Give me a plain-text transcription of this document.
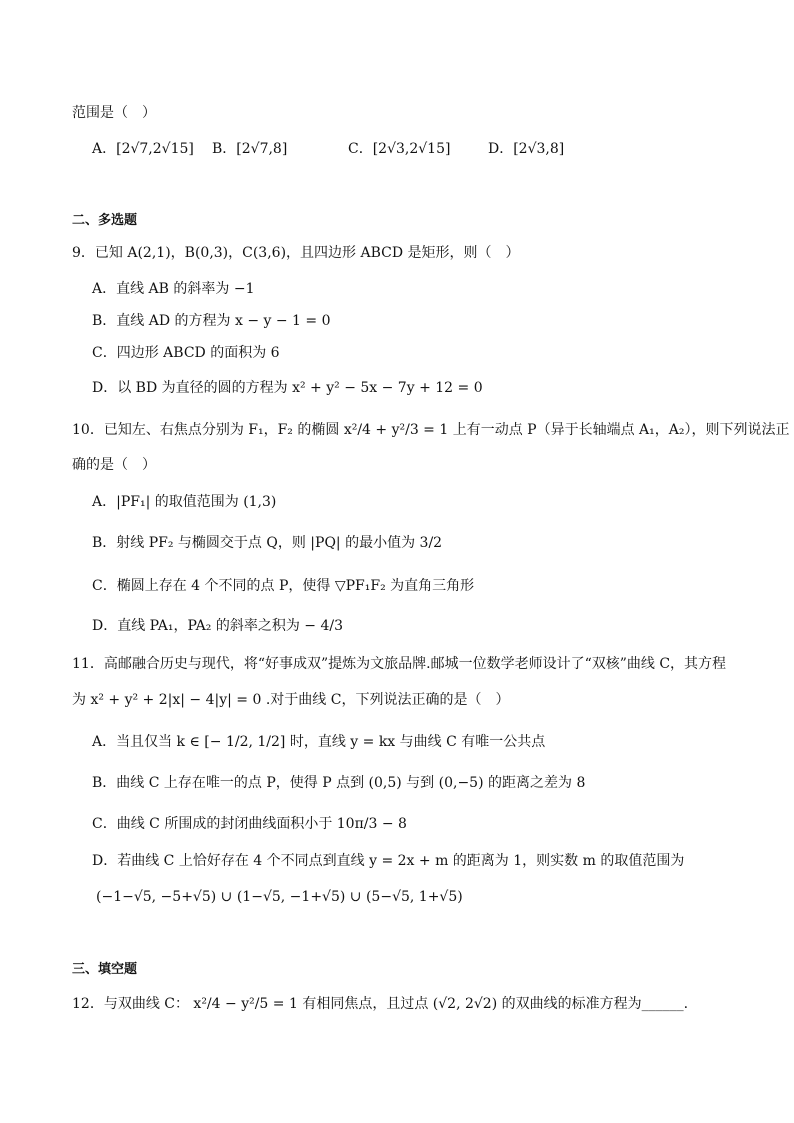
范围是（　）
A．[2√7,2√15] B．[2√7,8]	C．[2√3,2√15]	D．[2√3,8]
二、多选题
9．已知 A(2,1)，B(0,3)，C(3,6)，且四边形 ABCD 是矩形，则（　）
A．直线 AB 的斜率为 −1
B．直线 AD 的方程为 x − y − 1 = 0
C．四边形 ABCD 的面积为 6
D．以 BD 为直径的圆的方程为 x² + y² − 5x − 7y + 12 = 0
10．已知左、右焦点分别为 F₁，F₂ 的椭圆 x²/4 + y²/3 = 1 上有一动点 P（异于长轴端点 A₁，A₂），则下列说法正
确的是（　）
A．|PF₁| 的取值范围为 (1,3)
B．射线 PF₂ 与椭圆交于点 Q，则 |PQ| 的最小值为 3/2
C．椭圆上存在 4 个不同的点 P，使得 ▽PF₁F₂ 为直角三角形
D．直线 PA₁，PA₂ 的斜率之积为 − 4/3
11．高邮融合历史与现代，将“好事成双”提炼为文旅品牌.邮城一位数学老师设计了“双核”曲线 C，其方程
为 x² + y² + 2|x| − 4|y| = 0 .对于曲线 C，下列说法正确的是（　）
A．当且仅当 k ∈ [− 1/2, 1/2] 时，直线 y = kx 与曲线 C 有唯一公共点
B．曲线 C 上存在唯一的点 P，使得 P 点到 (0,5) 与到 (0,−5) 的距离之差为 8
C．曲线 C 所围成的封闭曲线面积小于 10π/3 − 8
D．若曲线 C 上恰好存在 4 个不同点到直线 y = 2x + m 的距离为 1，则实数 m 的取值范围为
(−1−√5, −5+√5) ∪ (1−√5, −1+√5) ∪ (5−√5, 1+√5)
三、填空题
12．与双曲线 C： x²/4 − y²/5 = 1 有相同焦点，且过点 (√2, 2√2) 的双曲线的标准方程为______.
